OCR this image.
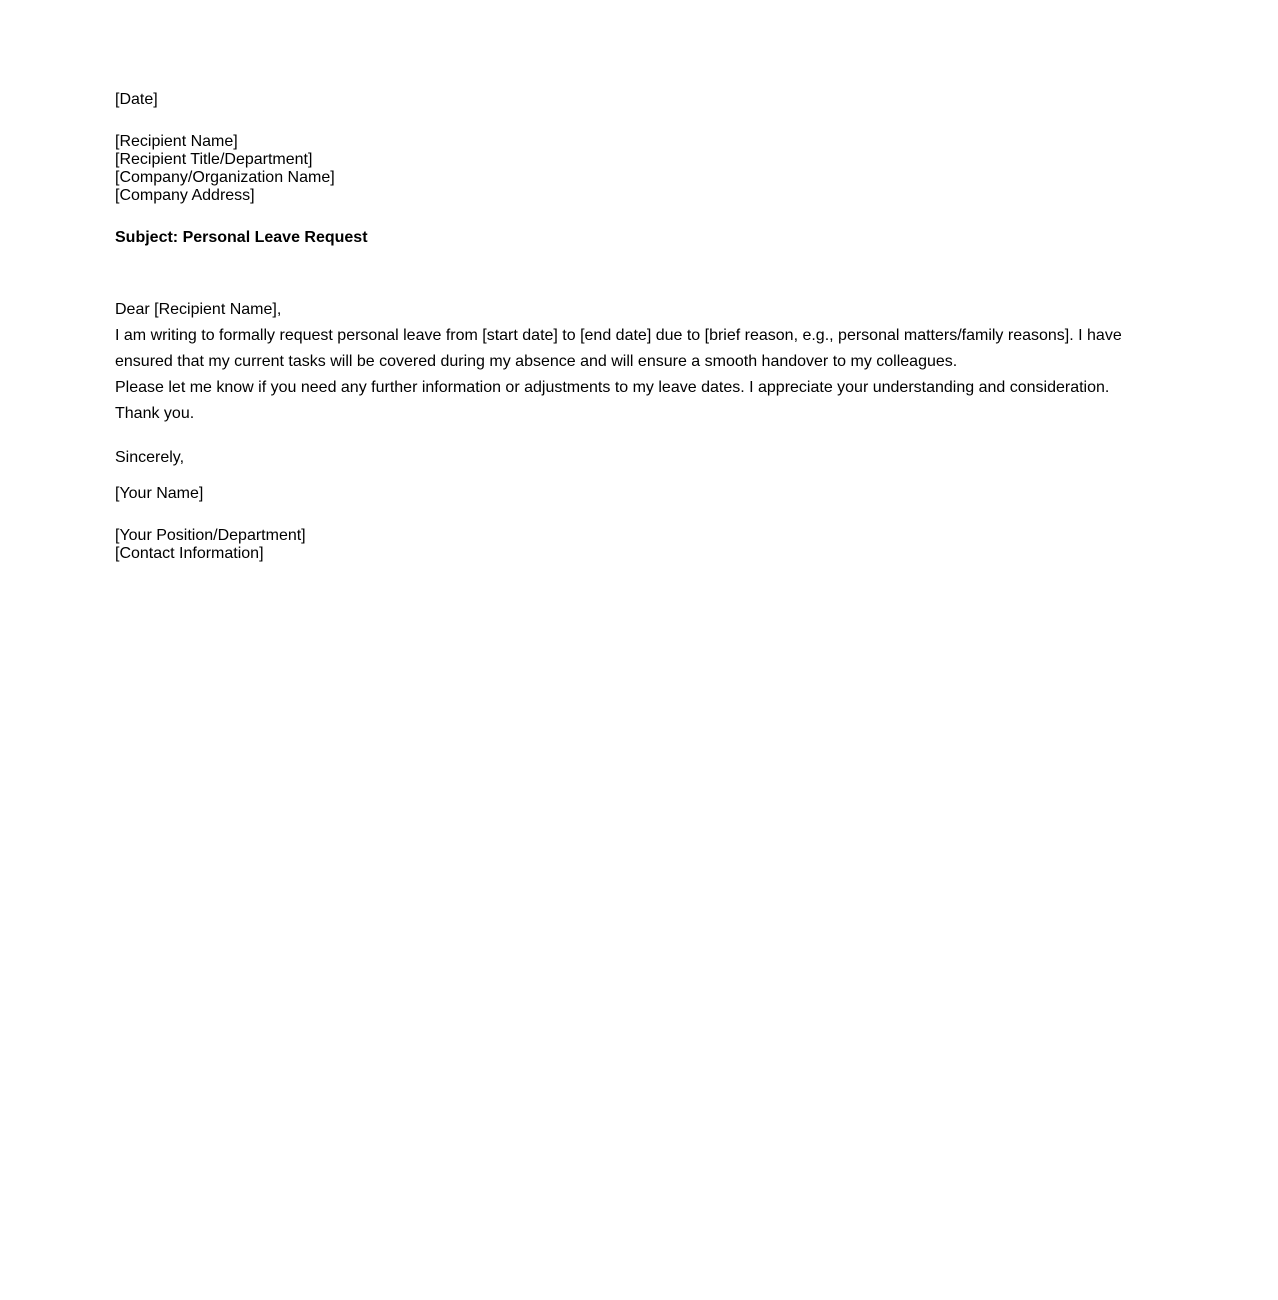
[Date]
[Recipient Name]
[Recipient Title/Department]
[Company/Organization Name]
[Company Address]
Subject: Personal Leave Request
Dear [Recipient Name],
I am writing to formally request personal leave from [start date] to [end date] due to [brief reason, e.g., personal matters/family reasons]. I have ensured that my current tasks will be covered during my absence and will ensure a smooth handover to my colleagues.
Please let me know if you need any further information or adjustments to my leave dates. I appreciate your understanding and consideration.
Thank you.
Sincerely,
[Your Name]
[Your Position/Department]
[Contact Information]
